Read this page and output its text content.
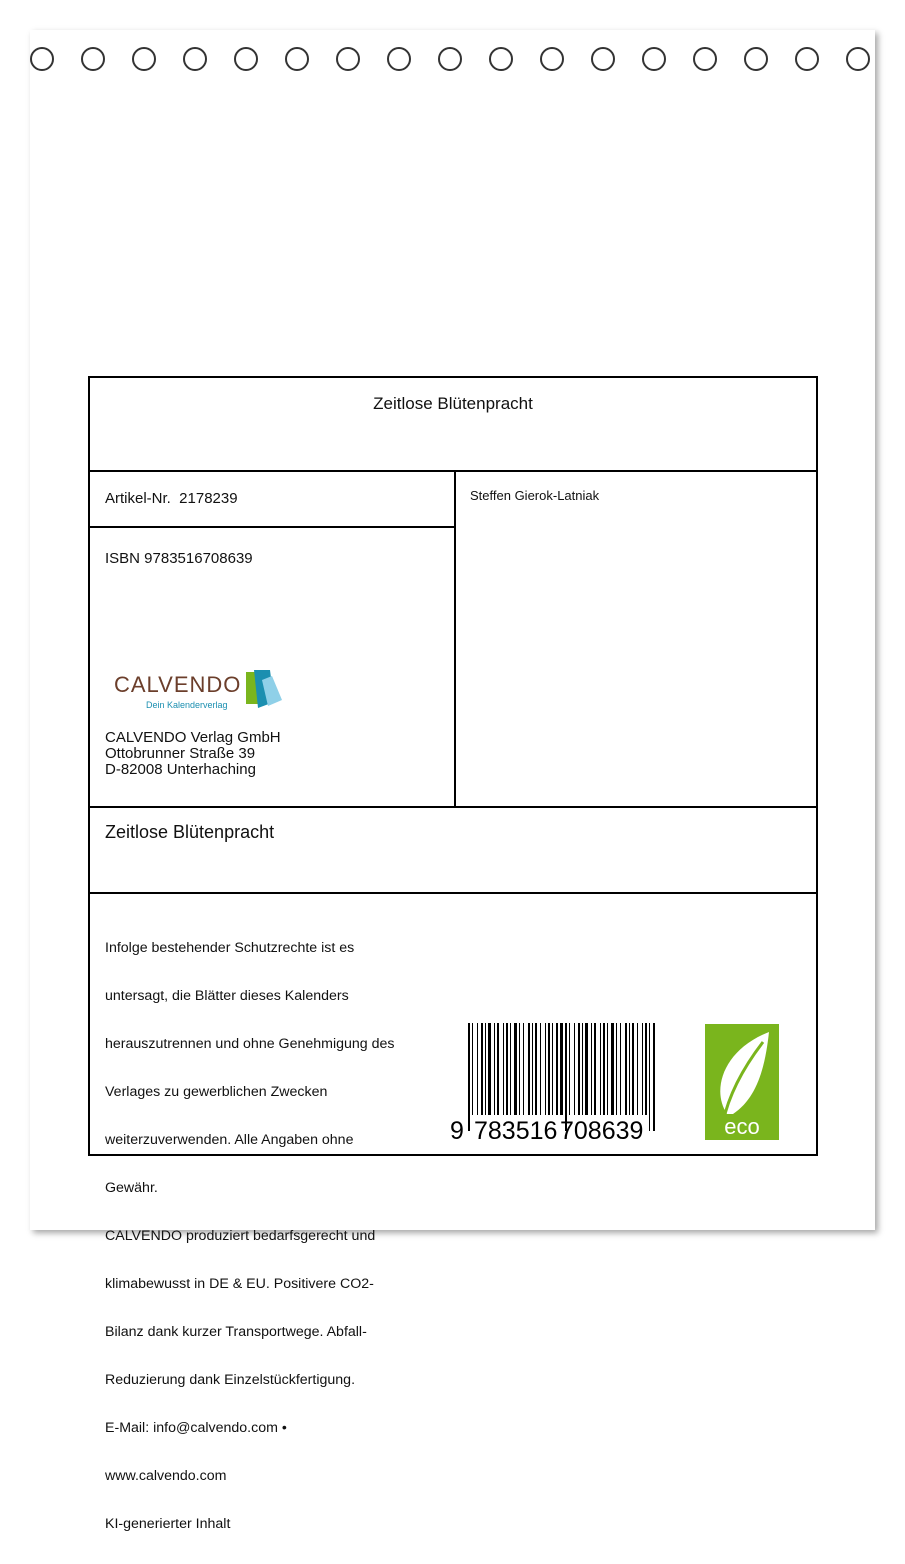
Zeitlose Blütenpracht
Artikel-Nr.  2178239	Steffen Gierok-Latniak
ISBN 9783516708639
CALVENDO
Dein Kalenderverlag
CALVENDO Verlag GmbH
Ottobrunner Straße 39
D-82008 Unterhaching
Zeitlose Blütenpracht

Infolge bestehender Schutzrechte ist es

untersagt, die Blätter dieses Kalenders

herauszutrennen und ohne Genehmigung des

Verlages zu gewerblichen Zwecken

weiterzuverwenden. Alle Angaben ohne

Gewähr.

CALVENDO produziert bedarfsgerecht und

klimabewusst in DE & EU. Positivere CO2-

Bilanz dank kurzer Transportwege. Abfall-

Reduzierung dank Einzelstückfertigung.

E-Mail: info@calvendo.com •

www.calvendo.com

KI-generierter Inhalt

9 783516 708639	eco
